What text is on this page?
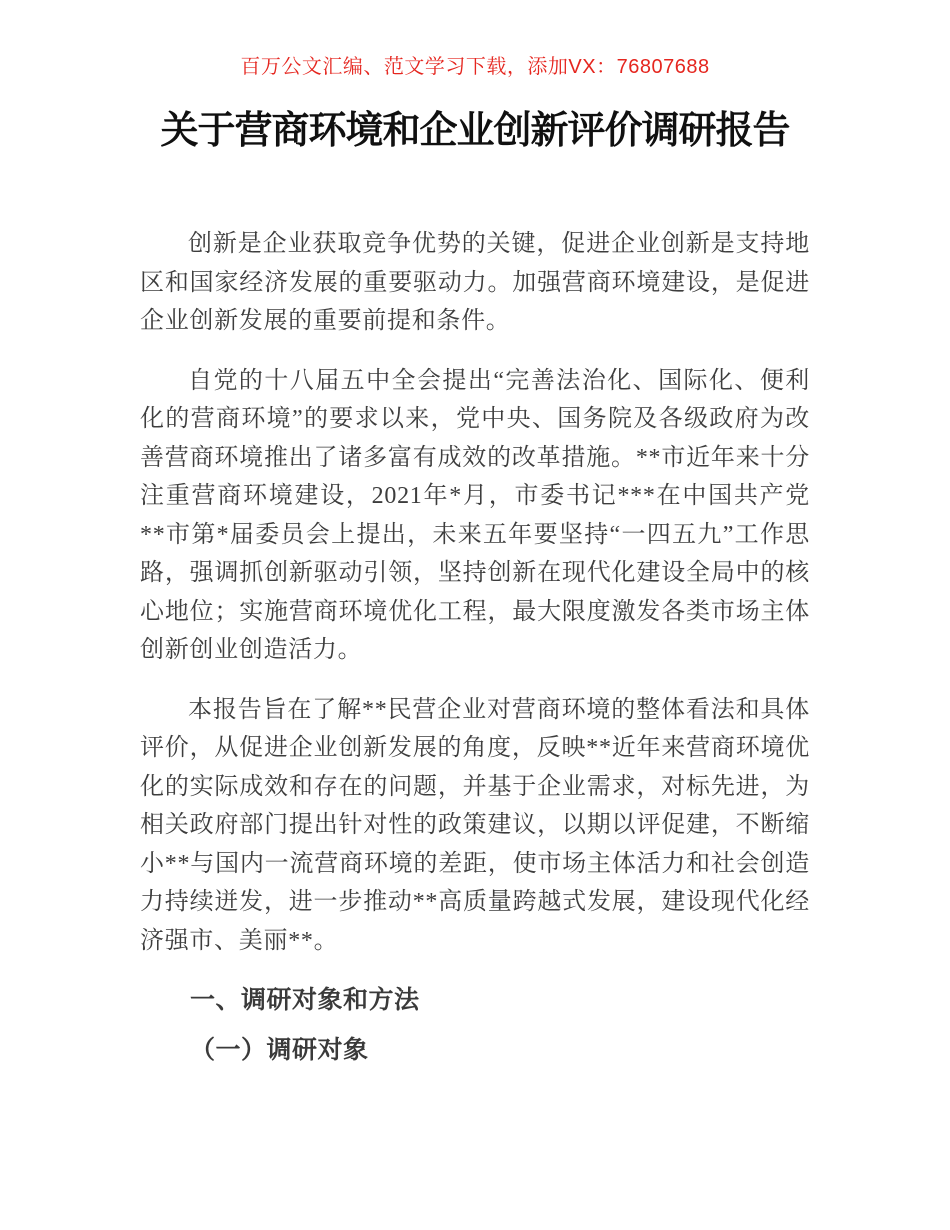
百万公文汇编、范文学习下载，添加VX：76807688
关于营商环境和企业创新评价调研报告

创新是企业获取竞争优势的关键，促进企业创新是支持地区和国家经济发展的重要驱动力。加强营商环境建设，是促进企业创新发展的重要前提和条件。

自党的十八届五中全会提出“完善法治化、国际化、便利化的营商环境”的要求以来，党中央、国务院及各级政府为改善营商环境推出了诸多富有成效的改革措施。**市近年来十分注重营商环境建设，2021年*月，市委书记***在中国共产党**市第*届委员会上提出，未来五年要坚持“一四五九”工作思路，强调抓创新驱动引领，坚持创新在现代化建设全局中的核心地位；实施营商环境优化工程，最大限度激发各类市场主体创新创业创造活力。

本报告旨在了解**民营企业对营商环境的整体看法和具体评价，从促进企业创新发展的角度，反映**近年来营商环境优化的实际成效和存在的问题，并基于企业需求，对标先进，为相关政府部门提出针对性的政策建议，以期以评促建，不断缩小**与国内一流营商环境的差距，使市场主体活力和社会创造力持续迸发，进一步推动**高质量跨越式发展，建设现代化经济强市、美丽**。

一、调研对象和方法
（一）调研对象
